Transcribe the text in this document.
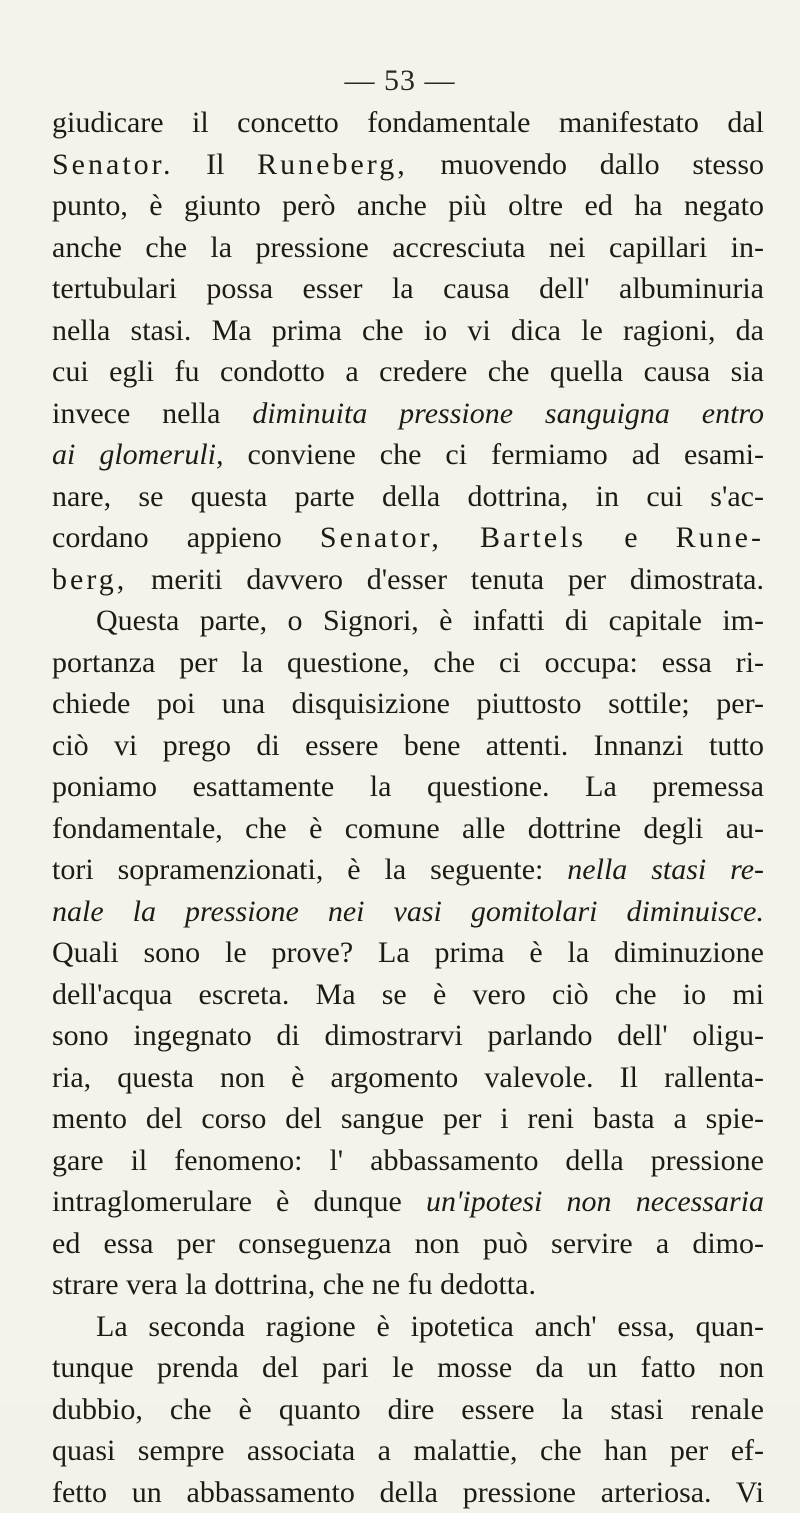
— 53 —
giudicare il concetto fondamentale manifestato dal
Senator. Il Runeberg, muovendo dallo stesso
punto, è giunto però anche più oltre ed ha negato
anche che la pressione accresciuta nei capillari in-
tertubulari possa esser la causa dell' albuminuria
nella stasi. Ma prima che io vi dica le ragioni, da
cui egli fu condotto a credere che quella causa sia
invece nella diminuita pressione sanguigna entro
ai glomeruli, conviene che ci fermiamo ad esami-
nare, se questa parte della dottrina, in cui s'ac-
cordano appieno Senator, Bartels e Rune-
berg, meriti davvero d'esser tenuta per dimostrata.
Questa parte, o Signori, è infatti di capitale im-
portanza per la questione, che ci occupa: essa ri-
chiede poi una disquisizione piuttosto sottile; per-
ciò vi prego di essere bene attenti. Innanzi tutto
poniamo esattamente la questione. La premessa
fondamentale, che è comune alle dottrine degli au-
tori sopramenzionati, è la seguente: nella stasi re-
nale la pressione nei vasi gomitolari diminuisce.
Quali sono le prove? La prima è la diminuzione
dell'acqua escreta. Ma se è vero ciò che io mi
sono ingegnato di dimostrarvi parlando dell' oligu-
ria, questa non è argomento valevole. Il rallenta-
mento del corso del sangue per i reni basta a spie-
gare il fenomeno: l' abbassamento della pressione
intraglomerulare è dunque un'ipotesi non necessaria
ed essa per conseguenza non può servire a dimo-
strare vera la dottrina, che ne fu dedotta.
La seconda ragione è ipotetica anch' essa, quan-
tunque prenda del pari le mosse da un fatto non
dubbio, che è quanto dire essere la stasi renale
quasi sempre associata a malattie, che han per ef-
fetto un abbassamento della pressione arteriosa. Vi
